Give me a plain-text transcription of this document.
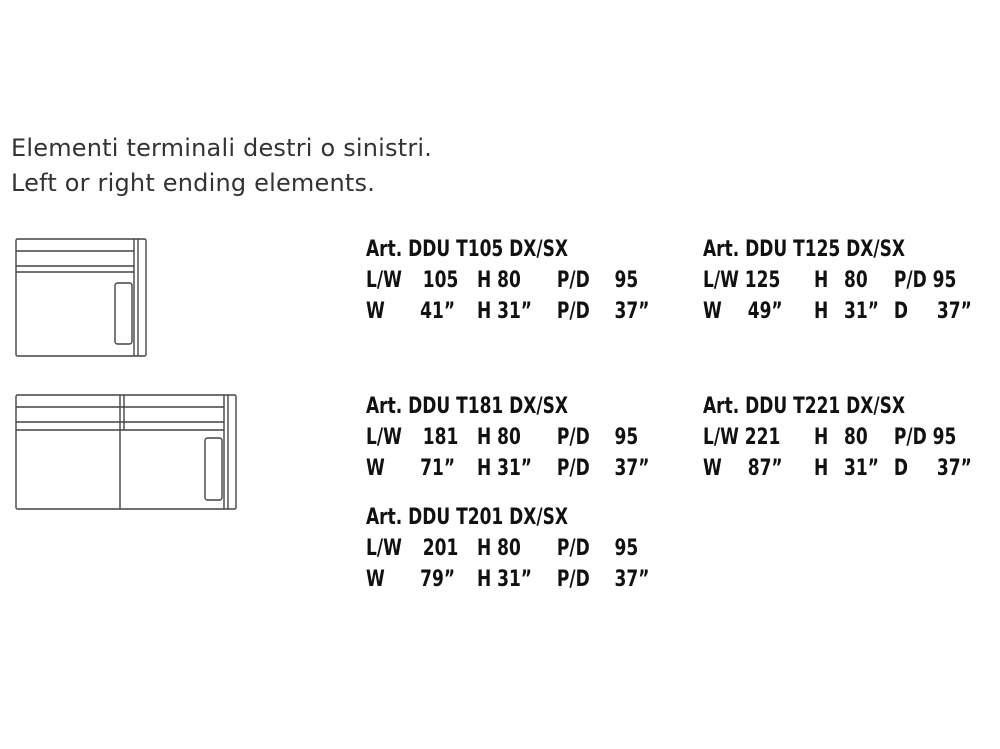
Elementi terminali destri o sinistri.
Left or right ending elements.
Art. DDU T105 DX/SX
L/W 105 H 80 P/D 95
W 41” H 31” P/D 37”
Art. DDU T125 DX/SX
L/W 125 H 80 P/D 95
W 49” H 31” D 37”
Art. DDU T181 DX/SX
L/W 181 H 80 P/D 95
W 71” H 31” P/D 37”
Art. DDU T221 DX/SX
L/W 221 H 80 P/D 95
W 87” H 31” D 37”
Art. DDU T201 DX/SX
L/W 201 H 80 P/D 95
W 79” H 31” P/D 37”
